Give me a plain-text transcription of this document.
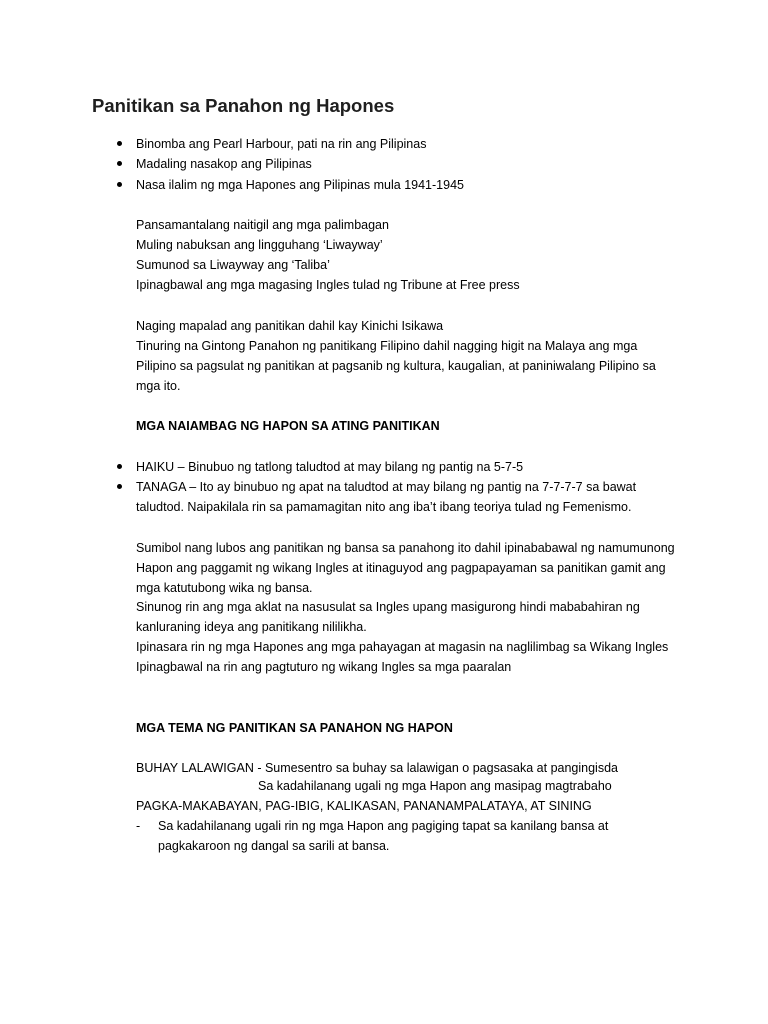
Panitikan sa Panahon ng Hapones
Binomba ang Pearl Harbour, pati na rin ang Pilipinas
Madaling nasakop ang Pilipinas
Nasa ilalim ng mga Hapones ang Pilipinas mula 1941-1945
Pansamantalang naitigil ang mga palimbagan
Muling nabuksan ang lingguhang ‘Liwayway’
Sumunod sa Liwayway ang ‘Taliba’
Ipinagbawal ang mga magasing Ingles tulad ng Tribune at Free press
Naging mapalad ang panitikan dahil kay Kinichi Isikawa
Tinuring na Gintong Panahon ng panitikang Filipino dahil nagging higit na Malaya ang mga
Pilipino sa pagsulat ng panitikan at pagsanib ng kultura, kaugalian, at paniniwalang Pilipino sa
mga ito.
MGA NAIAMBAG NG HAPON SA ATING PANITIKAN
HAIKU – Binubuo ng tatlong taludtod at may bilang ng pantig na 5-7-5
TANAGA – Ito ay binubuo ng apat na taludtod at may bilang ng pantig na 7-7-7-7 sa bawat
taludtod. Naipakilala rin sa pamamagitan nito ang iba’t ibang teoriya tulad ng Femenismo.
Sumibol nang lubos ang panitikan ng bansa sa panahong ito dahil ipinababawal ng namumunong
Hapon ang paggamit ng wikang Ingles at itinaguyod ang pagpapayaman sa panitikan gamit ang
mga katutubong wika ng bansa.
Sinunog rin ang mga aklat na nasusulat sa Ingles upang masigurong hindi mababahiran ng
kanluraning ideya ang panitikang nililikha.
Ipinasara rin ng mga Hapones ang mga pahayagan at magasin na naglilimbag sa Wikang Ingles
Ipinagbawal na rin ang pagtuturo ng wikang Ingles sa mga paaralan
MGA TEMA NG PANITIKAN SA PANAHON NG HAPON
BUHAY LALAWIGAN - Sumesentro sa buhay sa lalawigan o pagsasaka at pangingisda
Sa kadahilanang ugali ng mga Hapon ang masipag magtrabaho
PAGKA-MAKABAYAN, PAG-IBIG, KALIKASAN, PANANAMPALATAYA, AT SINING
- Sa kadahilanang ugali rin ng mga Hapon ang pagiging tapat sa kanilang bansa at
pagkakaroon ng dangal sa sarili at bansa.
